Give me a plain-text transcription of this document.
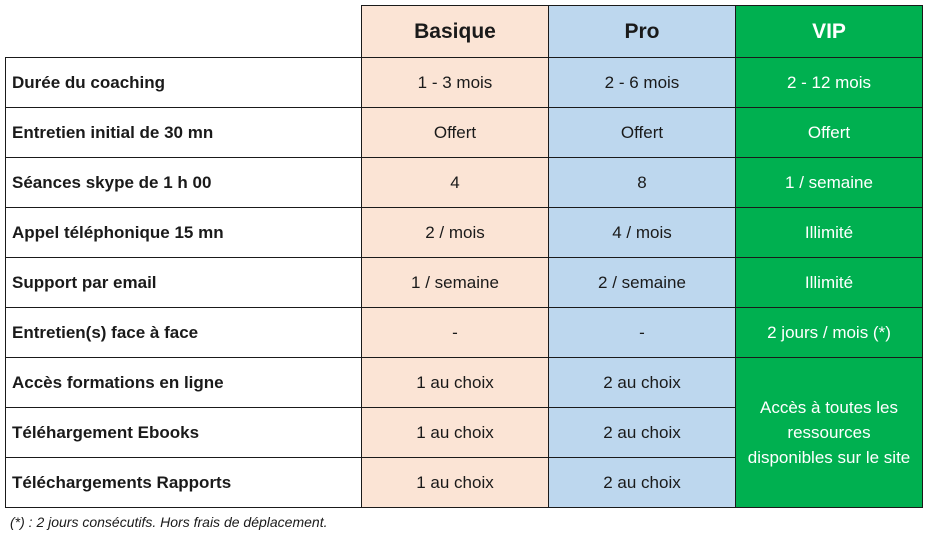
	Basique	Pro	VIP
Durée du coaching	1 - 3 mois	2 - 6 mois	2 - 12 mois
Entretien initial de 30 mn	Offert	Offert	Offert
Séances skype de 1 h 00	4	8	1 / semaine
Appel téléphonique 15 mn	2 / mois	4 / mois	Illimité
Support par email	1 / semaine	2 / semaine	Illimité
Entretien(s) face à face	-	-	2 jours / mois (*)
Accès formations en ligne	1 au choix	2 au choix	Accès à toutes les ressources disponibles sur le site
Téléhargement Ebooks	1 au choix	2 au choix	
Téléchargements Rapports	1 au choix	2 au choix	
(*) : 2 jours consécutifs. Hors frais de déplacement.
